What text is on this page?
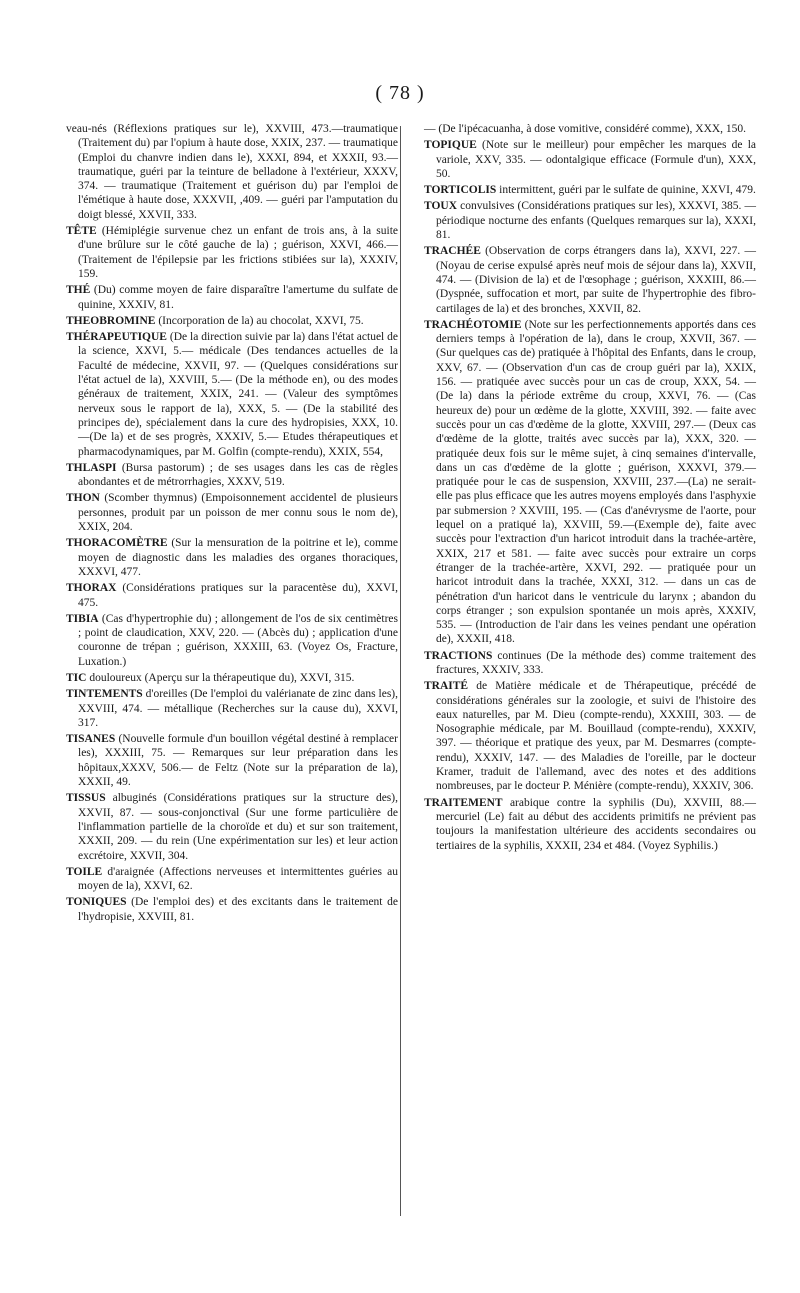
( 78 )

veau-nés (Réflexions pratiques sur le), XXVIII, 473.—traumatique (Traitement du) par l'opium à haute dose, XXIX, 237. — traumatique (Emploi du chanvre indien dans le), XXXI, 894, et XXXII, 93.—traumatique, guéri par la teinture de belladone à l'extérieur, XXXV, 374. — traumatique (Traitement et guérison du) par l'emploi de l'émétique à haute dose, XXXVII, ,409. — guéri par l'amputation du doigt blessé, XXVII, 333.

TÊTE (Hémiplégie survenue chez un enfant de trois ans, à la suite d'une brûlure sur le côté gauche de la) ; guérison, XXVI, 466.—(Traitement de l'épilepsie par les frictions stibiées sur la), XXXIV, 159.

THÉ (Du) comme moyen de faire disparaître l'amertume du sulfate de quinine, XXXIV, 81.

THEOBROMINE (Incorporation de la) au chocolat, XXVI, 75.

THÉRAPEUTIQUE (De la direction suivie par la) dans l'état actuel de la science, XXVI, 5.— médicale (Des tendances actuelles de la Faculté de médecine, XXVII, 97. — (Quelques considérations sur l'état actuel de la), XXVIII, 5.— (De la méthode en), ou des modes généraux de traitement, XXIX, 241. — (Valeur des symptômes nerveux sous le rapport de la), XXX, 5. — (De la stabilité des principes de), spécialement dans la cure des hydropisies, XXX, 10. —(De la) et de ses progrès, XXXIV, 5.— Etudes thérapeutiques et pharmacodynamiques, par M. Golfin (compte-rendu), XXIX, 554,

THLASPI (Bursa pastorum) ; de ses usages dans les cas de règles abondantes et de métrorrhagies, XXXV, 519.

THON (Scomber thymnus) (Empoisonnement accidentel de plusieurs personnes, produit par un poisson de mer connu sous le nom de), XXIX, 204.

THORACOMÈTRE (Sur la mensuration de la poitrine et le), comme moyen de diagnostic dans les maladies des organes thoraciques, XXXVI, 477.

THORAX (Considérations pratiques sur la paracentèse du), XXVI, 475.

TIBIA (Cas d'hypertrophie du) ; allongement de l'os de six centimètres ; point de claudication, XXV, 220. — (Abcès du) ; application d'une couronne de trépan ; guérison, XXXIII, 63. (Voyez Os, Fracture, Luxation.)

TIC douloureux (Aperçu sur la thérapeutique du), XXVI, 315.

TINTEMENTS d'oreilles (De l'emploi du valérianate de zinc dans les), XXVIII, 474. — métallique (Recherches sur la cause du), XXVI, 317.

TISANES (Nouvelle formule d'un bouillon végétal destiné à remplacer les), XXXIII, 75. — Remarques sur leur préparation dans les hôpitaux,XXXV, 506.— de Feltz (Note sur la préparation de la), XXXII, 49.

TISSUS albuginés (Considérations pratiques sur la structure des), XXVII, 87. — sous-conjonctival (Sur une forme particulière de l'inflammation partielle de la choroïde et du) et sur son traitement, XXXII, 209. — du rein (Une expérimentation sur les) et leur action excrétoire, XXVII, 304.

TOILE d'araignée (Affections nerveuses et intermittentes guéries au moyen de la), XXVI, 62.

TONIQUES (De l'emploi des) et des excitants dans le traitement de l'hydropisie, XXVIII, 81.

— (De l'ipécacuanha, à dose vomitive, considéré comme), XXX, 150.

TOPIQUE (Note sur le meilleur) pour empêcher les marques de la variole, XXV, 335. — odontalgique efficace (Formule d'un), XXX, 50.

TORTICOLIS intermittent, guéri par le sulfate de quinine, XXVI, 479.

TOUX convulsives (Considérations pratiques sur les), XXXVI, 385. — périodique nocturne des enfants (Quelques remarques sur la), XXXI, 81.

TRACHÉE (Observation de corps étrangers dans la), XXVI, 227. — (Noyau de cerise expulsé après neuf mois de séjour dans la), XXVII, 474. — (Division de la) et de l'œsophage ; guérison, XXXIII, 86.— (Dyspnée, suffocation et mort, par suite de l'hypertrophie des fibro-cartilages de la) et des bronches, XXVII, 82.

TRACHÉOTOMIE (Note sur les perfectionnements apportés dans ces derniers temps à l'opération de la), dans le croup, XXVII, 367. — (Sur quelques cas de) pratiquée à l'hôpital des Enfants, dans le croup, XXV, 67. — (Observation d'un cas de croup guéri par la), XXIX, 156. — pratiquée avec succès pour un cas de croup, XXX, 54. — (De la) dans la période extrême du croup, XXVI, 76. — (Cas heureux de) pour un œdème de la glotte, XXVIII, 392. — faite avec succès pour un cas d'œdème de la glotte, XXVIII, 297.— (Deux cas d'œdème de la glotte, traités avec succès par la), XXX, 320. — pratiquée deux fois sur le même sujet, à cinq semaines d'intervalle, dans un cas d'œdème de la glotte ; guérison, XXXVI, 379.— pratiquée pour le cas de suspension, XXVIII, 237.—(La) ne serait-elle pas plus efficace que les autres moyens employés dans l'asphyxie par submersion ? XXVIII, 195. — (Cas d'anévrysme de l'aorte, pour lequel on a pratiqué la), XXVIII, 59.—(Exemple de), faite avec succès pour l'extraction d'un haricot introduit dans la trachée-artère, XXIX, 217 et 581. — faite avec succès pour extraire un corps étranger de la trachée-artère, XXVI, 292. — pratiquée pour un haricot introduit dans la trachée, XXXI, 312. — dans un cas de pénétration d'un haricot dans le ventricule du larynx ; abandon du corps étranger ; son expulsion spontanée un mois après, XXXIV, 535. — (Introduction de l'air dans les veines pendant une opération de), XXXII, 418.

TRACTIONS continues (De la méthode des) comme traitement des fractures, XXXIV, 333.

TRAITÉ de Matière médicale et de Thérapeutique, précédé de considérations générales sur la zoologie, et suivi de l'histoire des eaux naturelles, par M. Dieu (compte-rendu), XXXIII, 303. — de Nosographie médicale, par M. Bouillaud (compte-rendu), XXXIV, 397. — théorique et pratique des yeux, par M. Desmarres (compte-rendu), XXXIV, 147. — des Maladies de l'oreille, par le docteur Kramer, traduit de l'allemand, avec des notes et des additions nombreuses, par le docteur P. Ménière (compte-rendu), XXXIV, 306.

TRAITEMENT arabique contre la syphilis (Du), XXVIII, 88.—mercuriel (Le) fait au début des accidents primitifs ne prévient pas toujours la manifestation ultérieure des accidents secondaires ou tertiaires de la syphilis, XXXII, 234 et 484. (Voyez Syphilis.)
